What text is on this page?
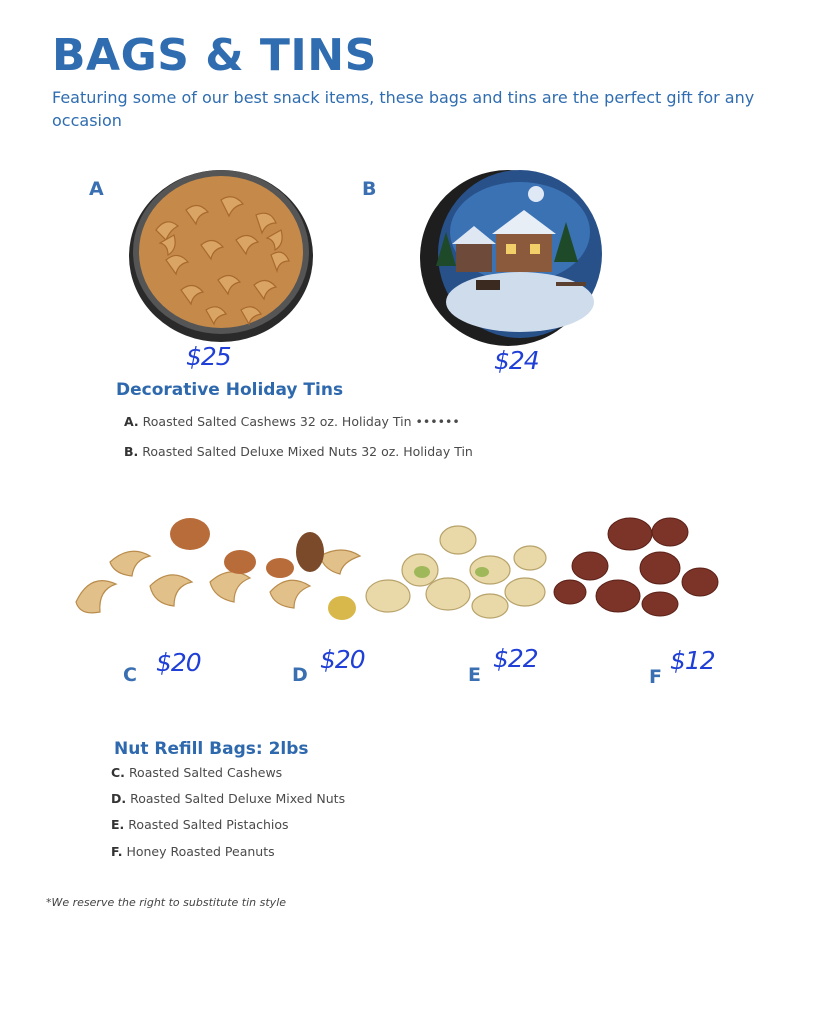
BAGS & TINS
Featuring some of our best snack items, these bags and tins are the perfect gift for any occasion
A
$25
B
$24
Decorative Holiday Tins
A. Roasted Salted Cashews 32 oz. Holiday Tin ••••••
B. Roasted Salted Deluxe Mixed Nuts 32 oz. Holiday Tin
C $20	D
$20
E
$22
F
$12
Nut Refill Bags: 2lbs
C. Roasted Salted Cashews
D. Roasted Salted Deluxe Mixed Nuts
E. Roasted Salted Pistachios
F. Honey Roasted Peanuts
*We reserve the right to substitute tin style
